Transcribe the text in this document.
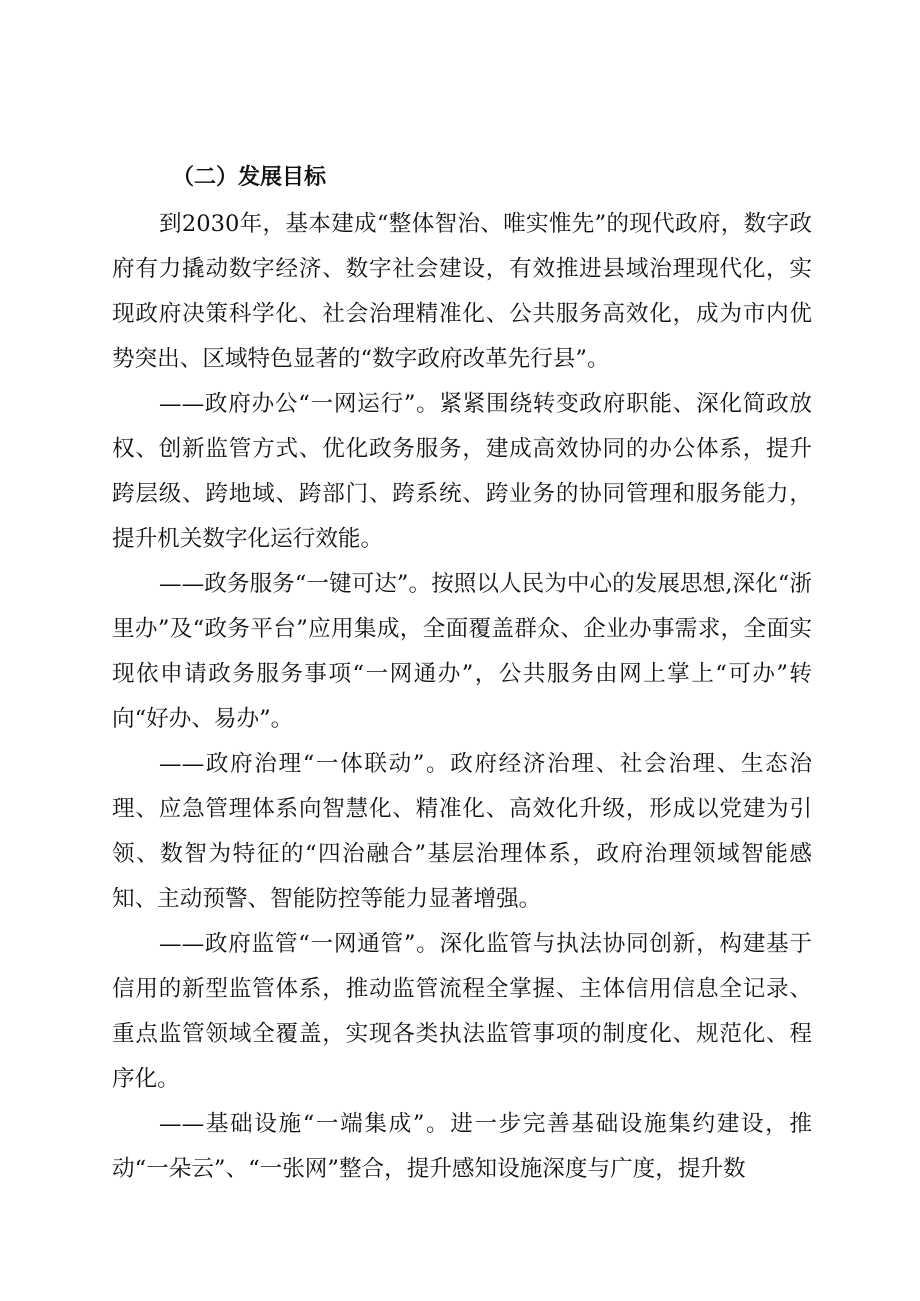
（二）发展目标

到2030年，基本建成“整体智治、唯实惟先”的现代政府，数字政府有力撬动数字经济、数字社会建设，有效推进县域治理现代化，实现政府决策科学化、社会治理精准化、公共服务高效化，成为市内优势突出、区域特色显著的“数字政府改革先行县”。

——政府办公“一网运行”。紧紧围绕转变政府职能、深化简政放权、创新监管方式、优化政务服务，建成高效协同的办公体系，提升跨层级、跨地域、跨部门、跨系统、跨业务的协同管理和服务能力，提升机关数字化运行效能。

——政务服务“一键可达”。按照以人民为中心的发展思想,深化“浙里办”及“政务平台”应用集成，全面覆盖群众、企业办事需求，全面实现依申请政务服务事项“一网通办”，公共服务由网上掌上“可办”转向“好办、易办”。

——政府治理“一体联动”。政府经济治理、社会治理、生态治理、应急管理体系向智慧化、精准化、高效化升级，形成以党建为引领、数智为特征的“四治融合”基层治理体系，政府治理领域智能感知、主动预警、智能防控等能力显著增强。

——政府监管“一网通管”。深化监管与执法协同创新，构建基于信用的新型监管体系，推动监管流程全掌握、主体信用信息全记录、重点监管领域全覆盖，实现各类执法监管事项的制度化、规范化、程序化。

——基础设施“一端集成”。进一步完善基础设施集约建设，推动“一朵云”、“一张网”整合，提升感知设施深度与广度，提升数
